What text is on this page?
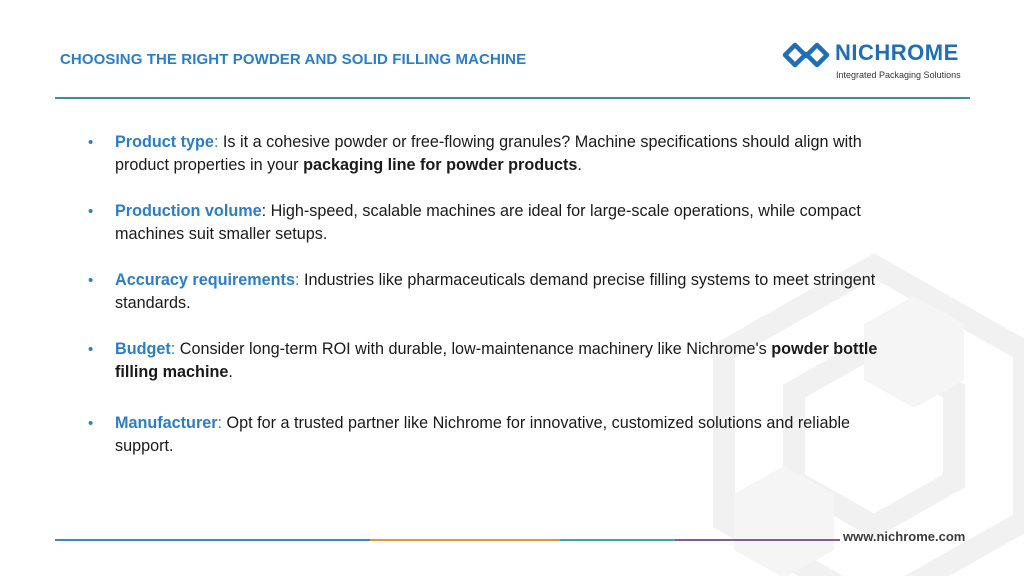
CHOOSING THE RIGHT POWDER AND SOLID FILLING MACHINE	NICHROME
Integrated Packaging Solutions
• Product type: Is it a cohesive powder or free-flowing granules? Machine specifications should align with product properties in your packaging line for powder products.
• Production volume: High-speed, scalable machines are ideal for large-scale operations, while compact machines suit smaller setups.
• Accuracy requirements: Industries like pharmaceuticals demand precise filling systems to meet stringent standards.
• Budget: Consider long-term ROI with durable, low-maintenance machinery like Nichrome's powder bottle filling machine.
• Manufacturer: Opt for a trusted partner like Nichrome for innovative, customized solutions and reliable support.
www.nichrome.com
